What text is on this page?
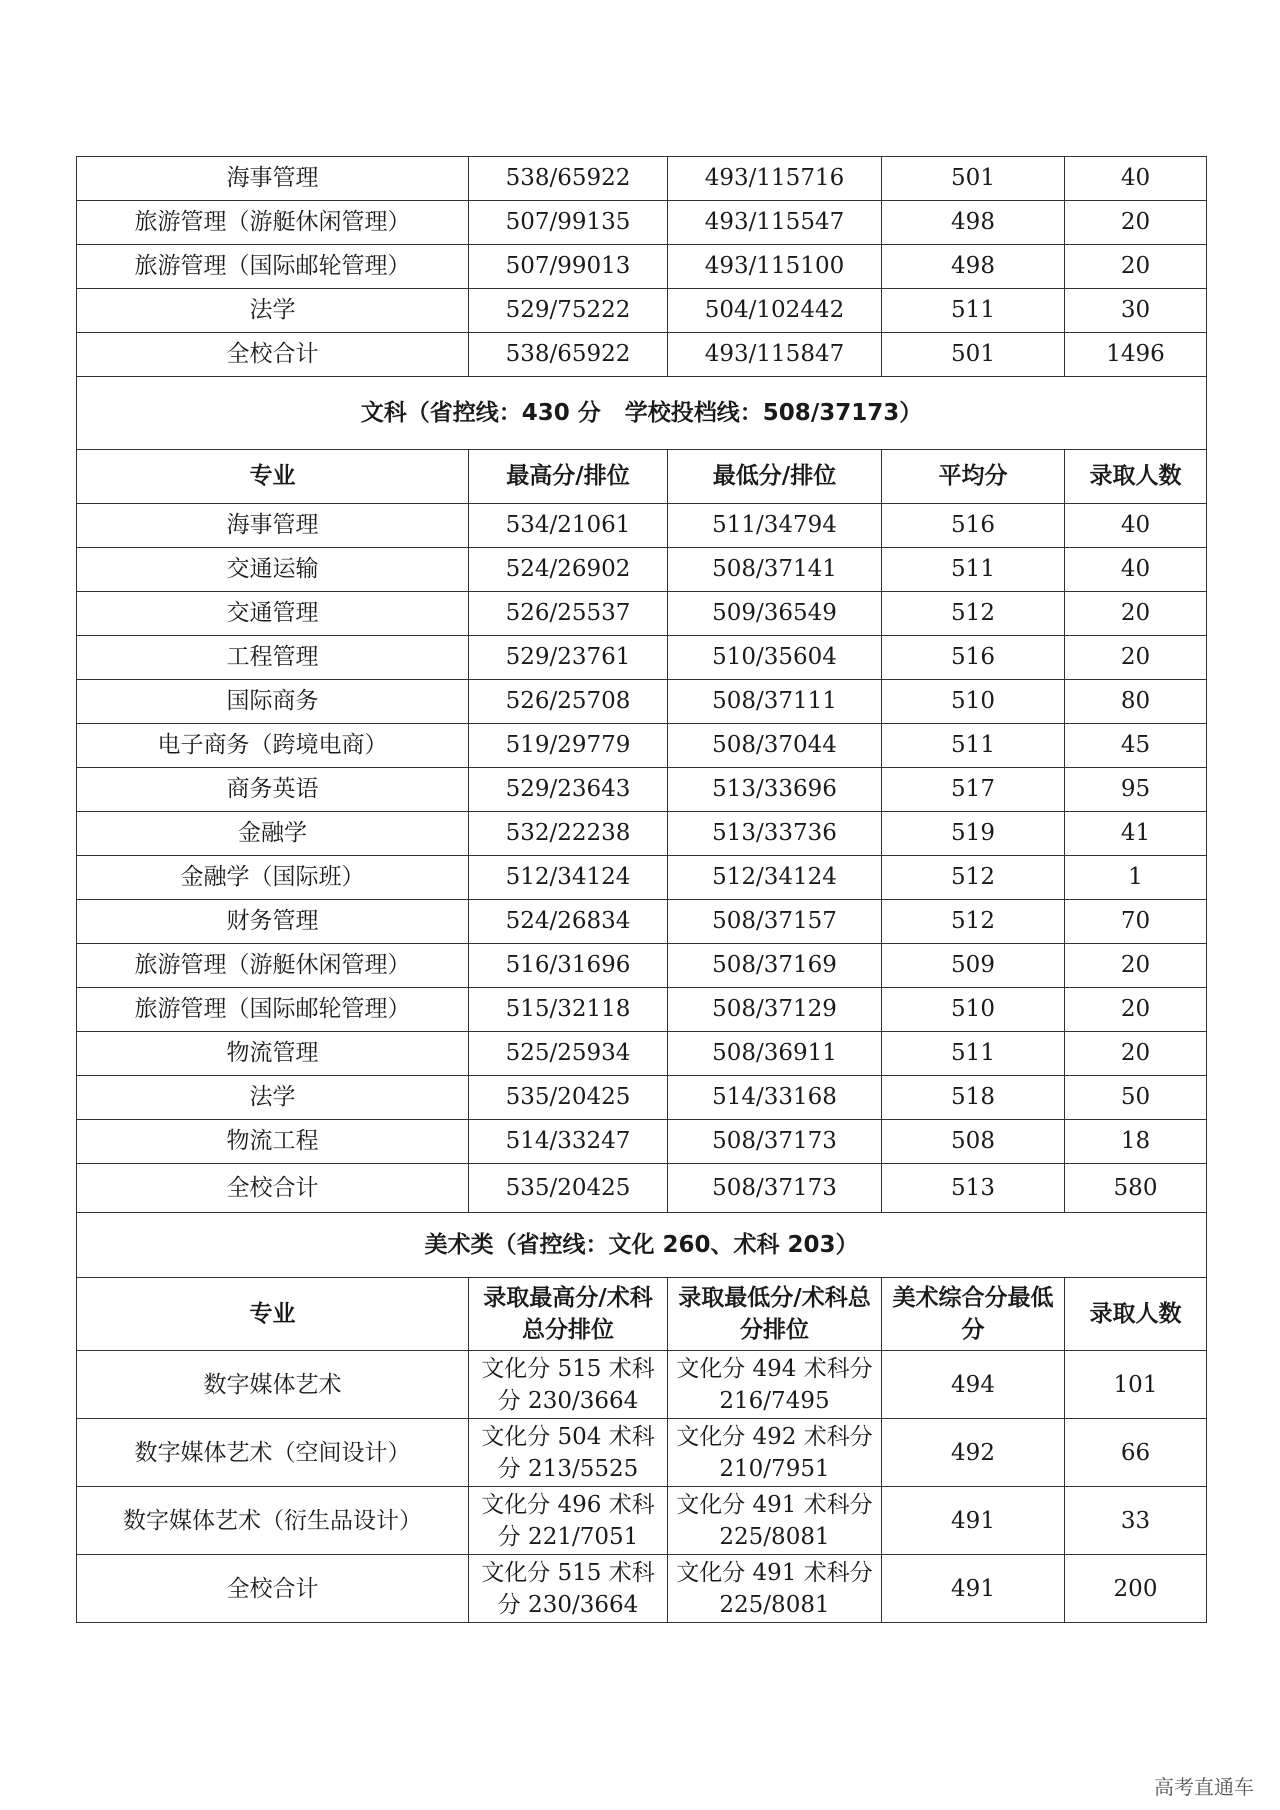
海事管理	538/65922	493/115716	501	40
旅游管理（游艇休闲管理）	507/99135	493/115547	498	20
旅游管理（国际邮轮管理）	507/99013	493/115100	498	20
法学	529/75222	504/102442	511	30
全校合计	538/65922	493/115847	501	1496
文科（省控线：430 分   学校投档线：508/37173）				
专业	最高分/排位	最低分/排位	平均分	录取人数
海事管理	534/21061	511/34794	516	40
交通运输	524/26902	508/37141	511	40
交通管理	526/25537	509/36549	512	20
工程管理	529/23761	510/35604	516	20
国际商务	526/25708	508/37111	510	80
电子商务（跨境电商）	519/29779	508/37044	511	45
商务英语	529/23643	513/33696	517	95
金融学	532/22238	513/33736	519	41
金融学（国际班）	512/34124	512/34124	512	1
财务管理	524/26834	508/37157	512	70
旅游管理（游艇休闲管理）	516/31696	508/37169	509	20
旅游管理（国际邮轮管理）	515/32118	508/37129	510	20
物流管理	525/25934	508/36911	511	20
法学	535/20425	514/33168	518	50
物流工程	514/33247	508/37173	508	18
全校合计	535/20425	508/37173	513	580
美术类（省控线：文化 260、术科 203）				
专业	录取最高分/术科总分排位	录取最低分/术科总分排位	美术综合分最低分	录取人数
数字媒体艺术	文化分 515 术科分 230/3664	文化分 494 术科分 216/7495	494	101
数字媒体艺术（空间设计）	文化分 504 术科分 213/5525	文化分 492 术科分 210/7951	492	66
数字媒体艺术（衍生品设计）	文化分 496 术科分 221/7051	文化分 491 术科分 225/8081	491	33
全校合计	文化分 515 术科分 230/3664	文化分 491 术科分 225/8081	491	200
高考直通车
